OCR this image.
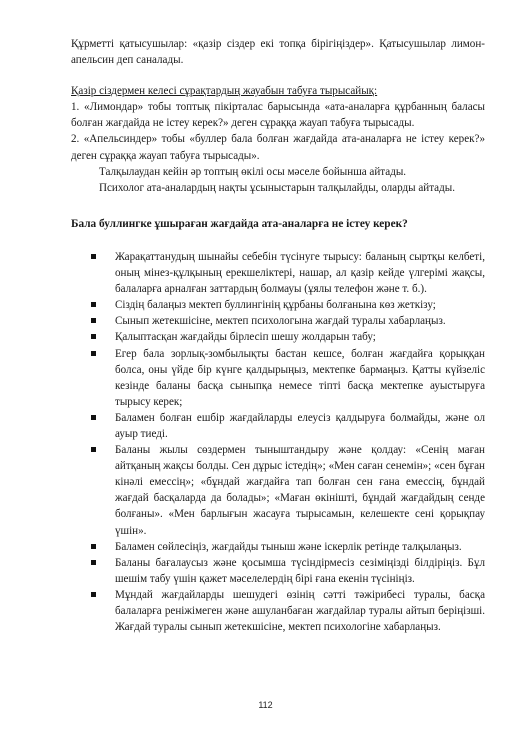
Құрметті қатысушылар: «қазір сіздер екі топқа бірігіңіздер». Қатысушылар лимон-апельсин деп саналады.

Қазір сіздермен келесі сұрақтардың жауабын табуға тырысайық:

1. «Лимондар» тобы топтық пікірталас барысында «ата-аналарға құрбанның баласы болған жағдайда не істеу керек?» деген сұраққа жауап табуға тырысады.

2. «Апельсиндер» тобы «буллер бала болған жағдайда ата-аналарға не істеу керек?» деген сұраққа жауап табуға тырысады».

Талқылаудан кейін әр топтың өкілі осы мәселе бойынша айтады.

Психолог ата-аналардың нақты ұсыныстарын талқылайды, оларды айтады.

Бала буллингке ұшыраған жағдайда ата-аналарға не істеу керек?

Жарақаттанудың шынайы себебін түсінуге тырысу: баланың сыртқы келбеті, оның мінез-құлқының ерекшеліктері, нашар, ал қазір кейде үлгерімі жақсы, балаларға арналған заттардың болмауы (ұялы телефон және т. б.).
Сіздің балаңыз мектеп буллингінің құрбаны болғанына көз жеткізу;
Сынып жетекшісіне, мектеп психологына жағдай туралы хабарлаңыз.
Қалыптасқан жағдайды бірлесіп шешу жолдарын табу;
Егер бала зорлық-зомбылықты бастан кешсе, болған жағдайға қорыққан болса, оны үйде бір күнге қалдырыңыз, мектепке бармаңыз. Қатты күйзеліс кезінде баланы басқа сыныпқа немесе тіпті басқа мектепке ауыстыруға тырысу керек;
Баламен болған ешбір жағдайларды елеусіз қалдыруға болмайды, және ол ауыр тиеді.
Баланы жылы сөздермен тыныштандыру және қолдау: «Сенің маған айтқаның жақсы болды. Сен дұрыс істедің»; «Мен саған сенемін»; «сен бұған кінәлі емессің»; «бұндай жағдайға тап болған сен ғана емессің, бұндай жағдай басқаларда да болады»; «Маған өкінішті, бұндай жағдайдың сенде болғаны». «Мен барлығын жасауға тырысамын, келешекте сені қорықпау үшін».
Баламен сөйлесіңіз, жағдайды тыныш және іскерлік ретінде талқылаңыз.
Баланы бағалаусыз және қосымша түсіндірмесіз сезіміңізді білдіріңіз. Бұл шешім табу үшін қажет мәселелердің бірі ғана екенін түсініңіз.
Мұндай жағдайларды шешудегі өзінің сәтті тәжірибесі туралы, басқа балаларға реніжімеген және ашуланбаған жағдайлар туралы айтып беріңізші. Жағдай туралы сынып жетекшісіне, мектеп психологіне хабарлаңыз.
112
